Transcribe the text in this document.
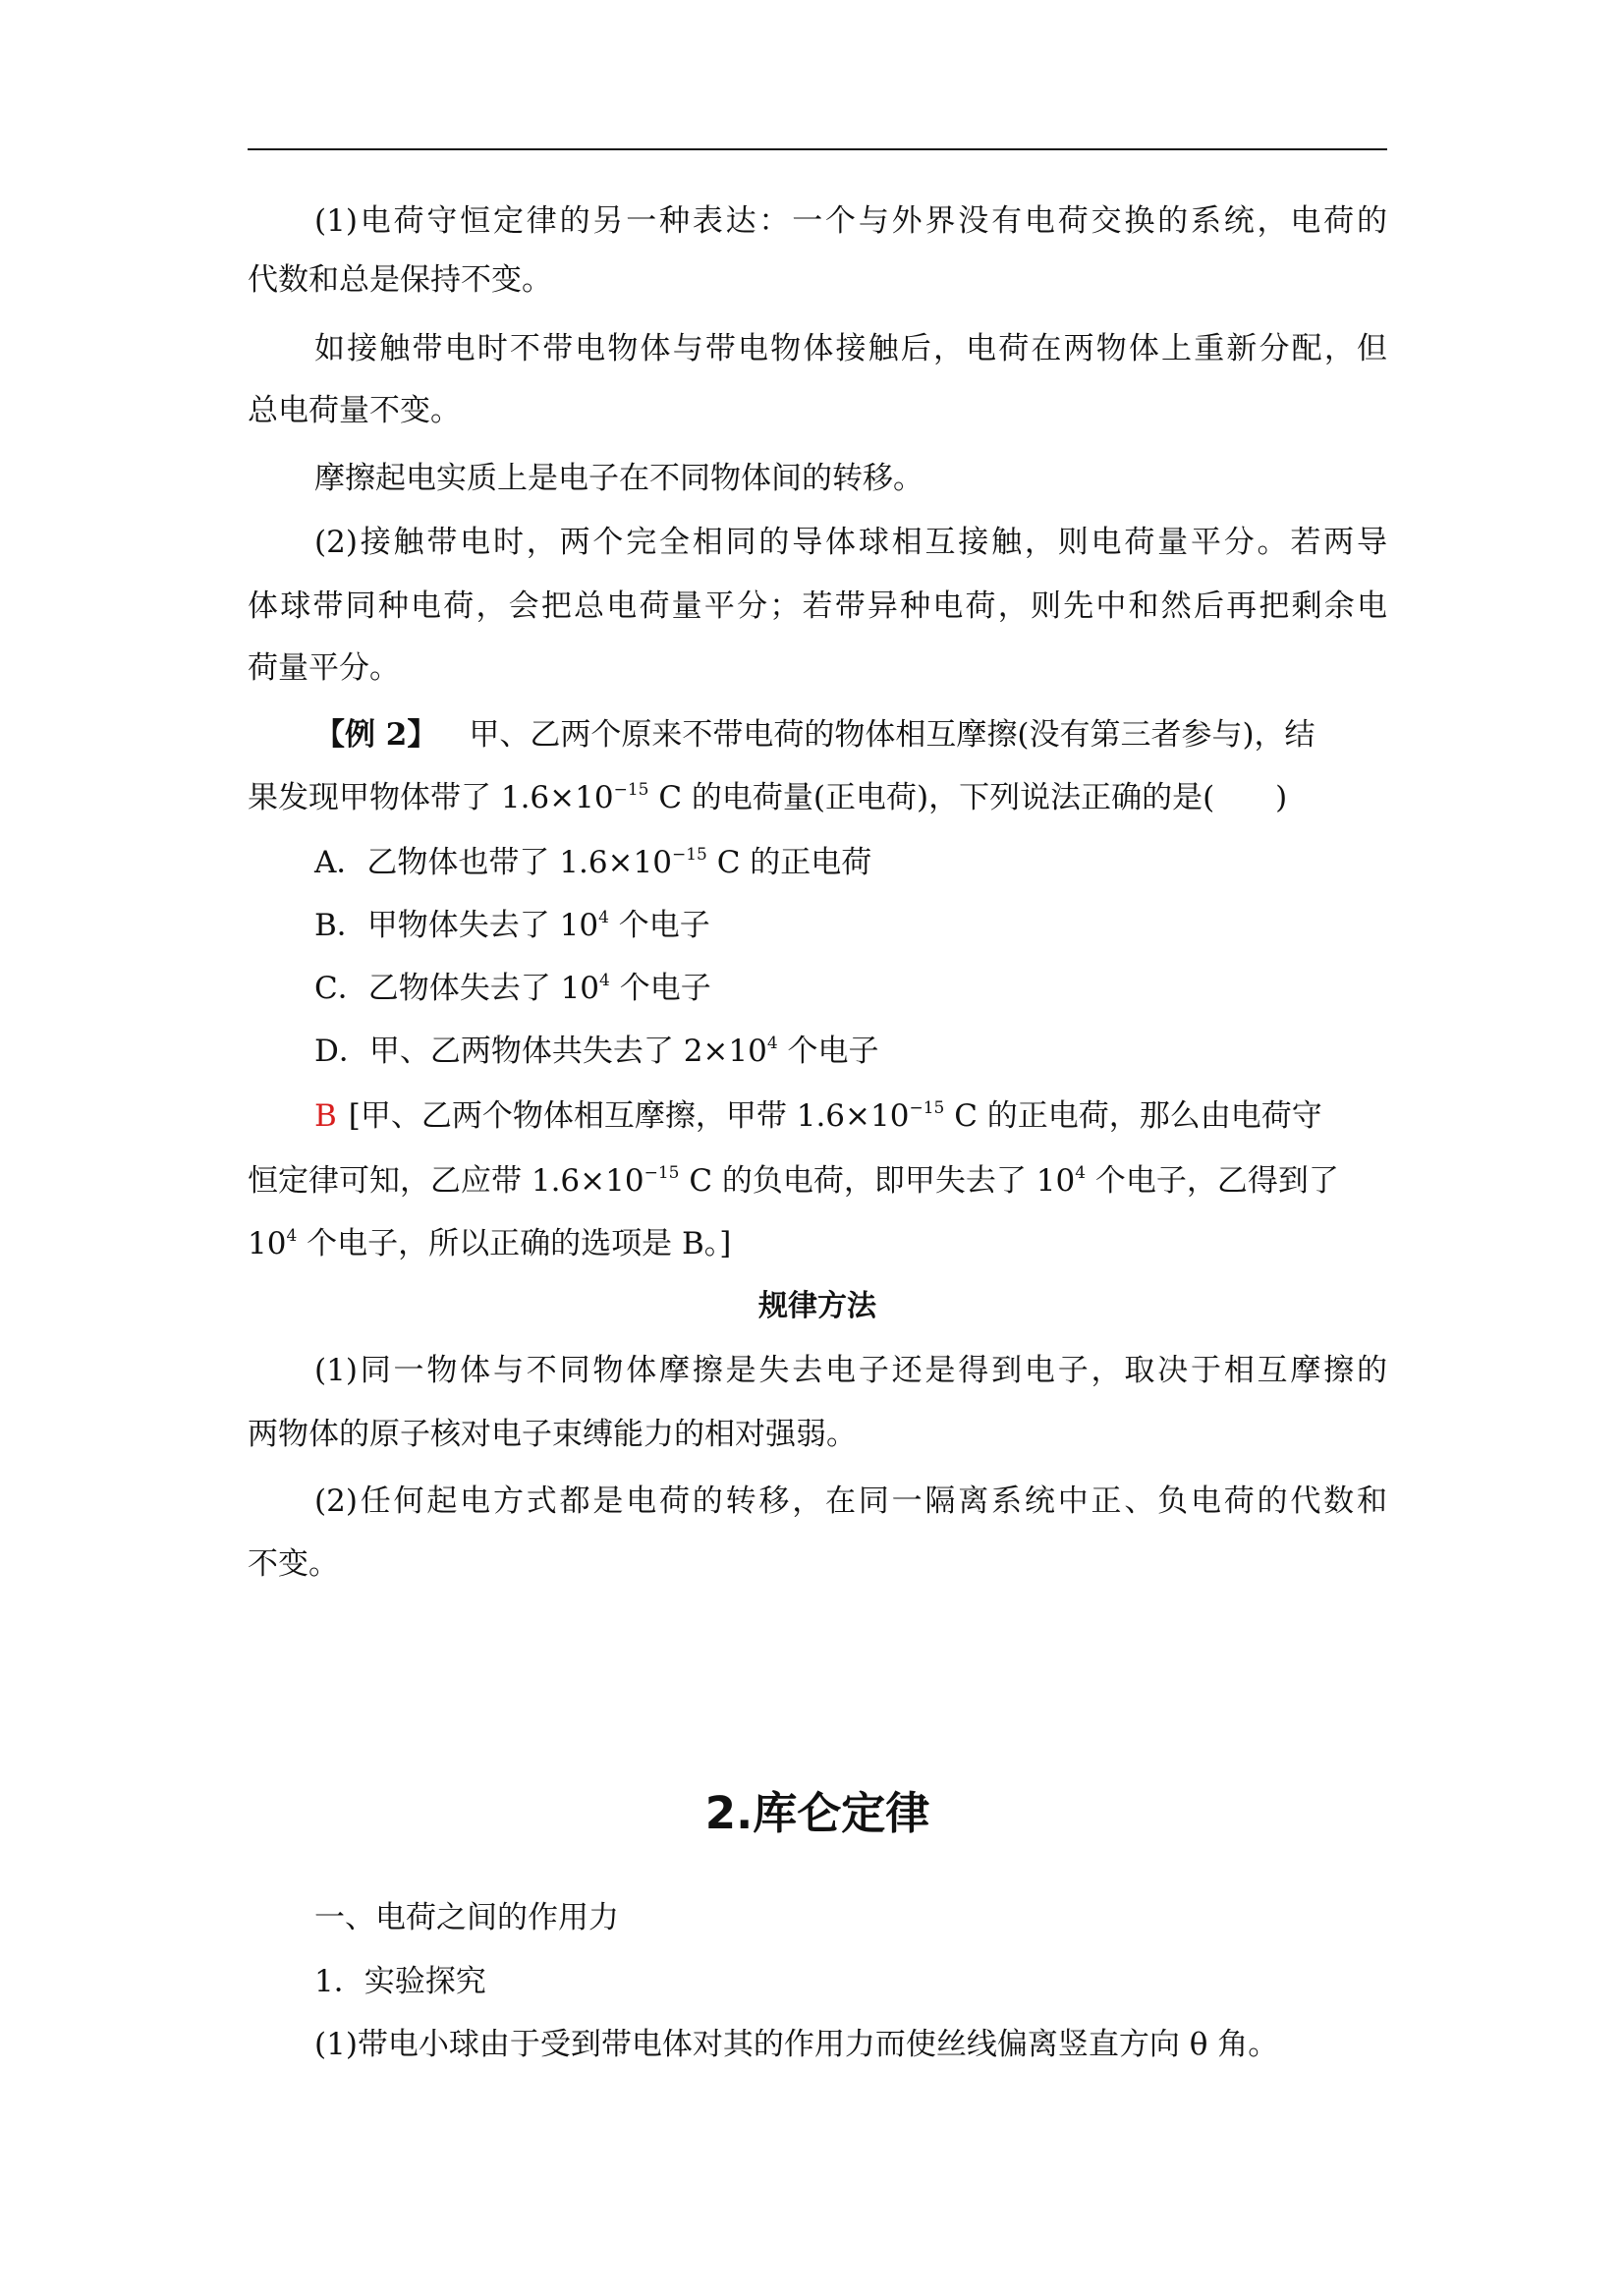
(1)电荷守恒定律的另一种表达：一个与外界没有电荷交换的系统，电荷的
代数和总是保持不变。
如接触带电时不带电物体与带电物体接触后，电荷在两物体上重新分配，但
总电荷量不变。
摩擦起电实质上是电子在不同物体间的转移。
(2)接触带电时，两个完全相同的导体球相互接触，则电荷量平分。若两导
体球带同种电荷，会把总电荷量平分；若带异种电荷，则先中和然后再把剩余电
荷量平分。
【例 2】 甲、乙两个原来不带电荷的物体相互摩擦(没有第三者参与)，结
果发现甲物体带了 $1.6\times 10^{-15}$ C 的电荷量(正电荷)，下列说法正确的是(　　)
A．乙物体也带了 $1.6\times 10^{-15}$ C 的正电荷
B．甲物体失去了 $10^4$ 个电子
C．乙物体失去了 $10^4$ 个电子
D．甲、乙两物体共失去了 $2\times 10^4$ 个电子
B [甲、乙两个物体相互摩擦，甲带 $1.6\times 10^{-15}$ C 的正电荷，那么由电荷守
恒定律可知，乙应带 $1.6\times 10^{-15}$ C 的负电荷，即甲失去了 $10^4$ 个电子，乙得到了
$10^4$ 个电子，所以正确的选项是 B。]
规律方法
(1)同一物体与不同物体摩擦是失去电子还是得到电子，取决于相互摩擦的
两物体的原子核对电子束缚能力的相对强弱。
(2)任何起电方式都是电荷的转移，在同一隔离系统中正、负电荷的代数和
不变。
2.库仑定律
一、电荷之间的作用力
1．实验探究
(1)带电小球由于受到带电体对其的作用力而使丝线偏离竖直方向 θ 角。
